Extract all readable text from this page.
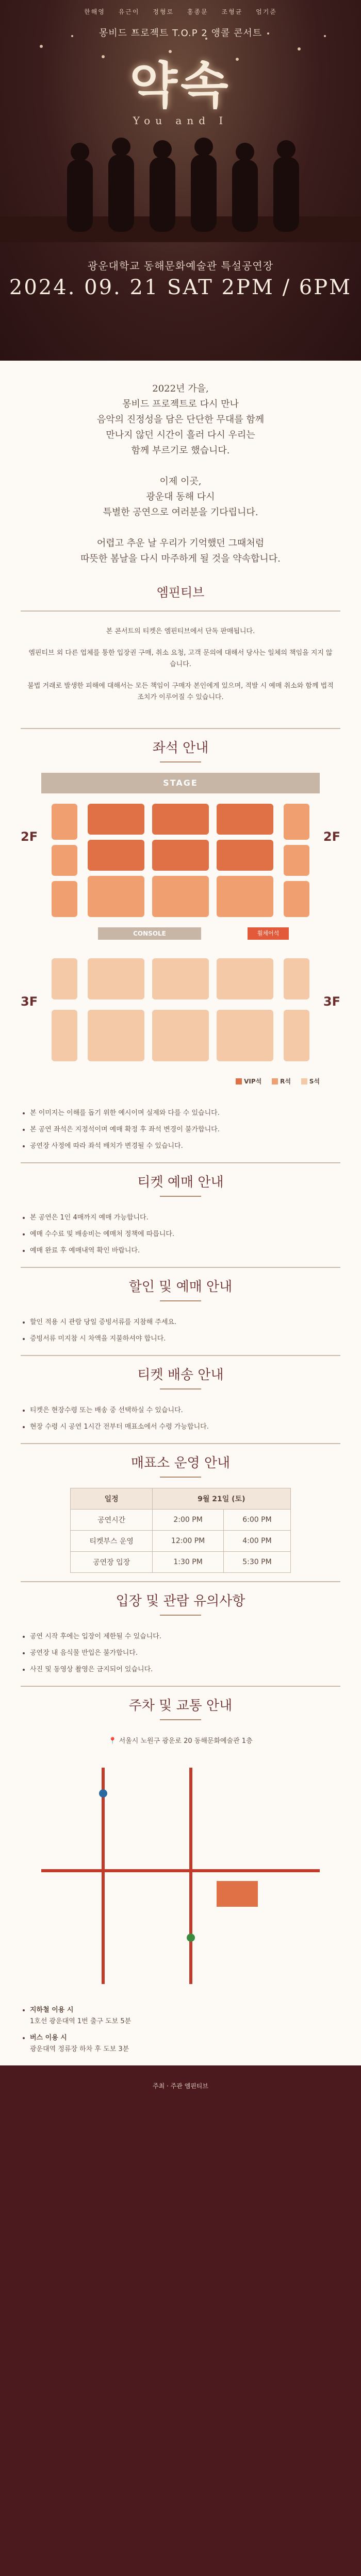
한해영 유근이 정형로 홍종문 조형균 엄기준
몽비드 프로젝트 T.O.P 2 앵콜 콘서트
약속
You and I
광운대학교 동해문화예술관 특설공연장
2024. 09. 21 SAT 2PM / 6PM

2022년 가을,
몽비드 프로젝트로 다시 만나
음악의 진정성을 담은 단단한 무대를 함께
만나지 않던 시간이 흘러 다시 우리는
함께 부르기로 했습니다.

이제 이곳,
광운대 동해 다시
특별한 공연으로 여러분을 기다립니다.

어렵고 추운 날 우리가 기억했던 그때처럼
따뜻한 봄날을 다시 마주하게 될 것을 약속합니다.

엠핀티브

본 콘서트의 티켓은 엠핀티브에서 단독 판매됩니다.

엠핀티브 외 다른 업체를 통한 입장권 구매, 취소 요청, 고객 문의에 대해서 당사는 일체의 책임을 지지 않습니다.

불법 거래로 발생한 피해에 대해서는 모든 책임이 구매자 본인에게 있으며, 적발 시 예매 취소와 함께 법적 조치가 이루어질 수 있습니다.

좌석 안내
STAGE
2F	2F
CONSOLE	휠체어석
3F	3F
VIP석	R석	S석
• 본 이미지는 이해를 돕기 위한 예시이며 실제와 다를 수 있습니다.
• 본 공연 좌석은 지정석이며 예매 확정 후 좌석 변경이 불가합니다.
• 공연장 사정에 따라 좌석 배치가 변경될 수 있습니다.
티켓 예매 안내
• 본 공연은 1인 4매까지 예매 가능합니다.
• 예매 수수료 및 배송비는 예매처 정책에 따릅니다.
• 예매 완료 후 예매내역 확인 바랍니다.
할인 및 예매 안내
• 할인 적용 시 관람 당일 증빙서류를 지참해 주세요.
• 증빙서류 미지참 시 차액을 지불하셔야 합니다.
티켓 배송 안내
• 티켓은 현장수령 또는 배송 중 선택하실 수 있습니다.
• 현장 수령 시 공연 1시간 전부터 매표소에서 수령 가능합니다.
매표소 운영 안내
일정	9월 21일 (토)	
공연시간	2:00 PM	6:00 PM
티켓부스 운영	12:00 PM	4:00 PM
공연장 입장	1:30 PM	5:30 PM
입장 및 관람 유의사항
• 공연 시작 후에는 입장이 제한될 수 있습니다.
• 공연장 내 음식물 반입은 불가합니다.
• 사진 및 동영상 촬영은 금지되어 있습니다.
주차 및 교통 안내
📍 서울시 노원구 광운로 20 동해문화예술관 1층
• 지하철 이용 시
1호선 광운대역 1번 출구 도보 5분
• 버스 이용 시
광운대역 정류장 하차 후 도보 3분
주최 · 주관 엠핀티브
